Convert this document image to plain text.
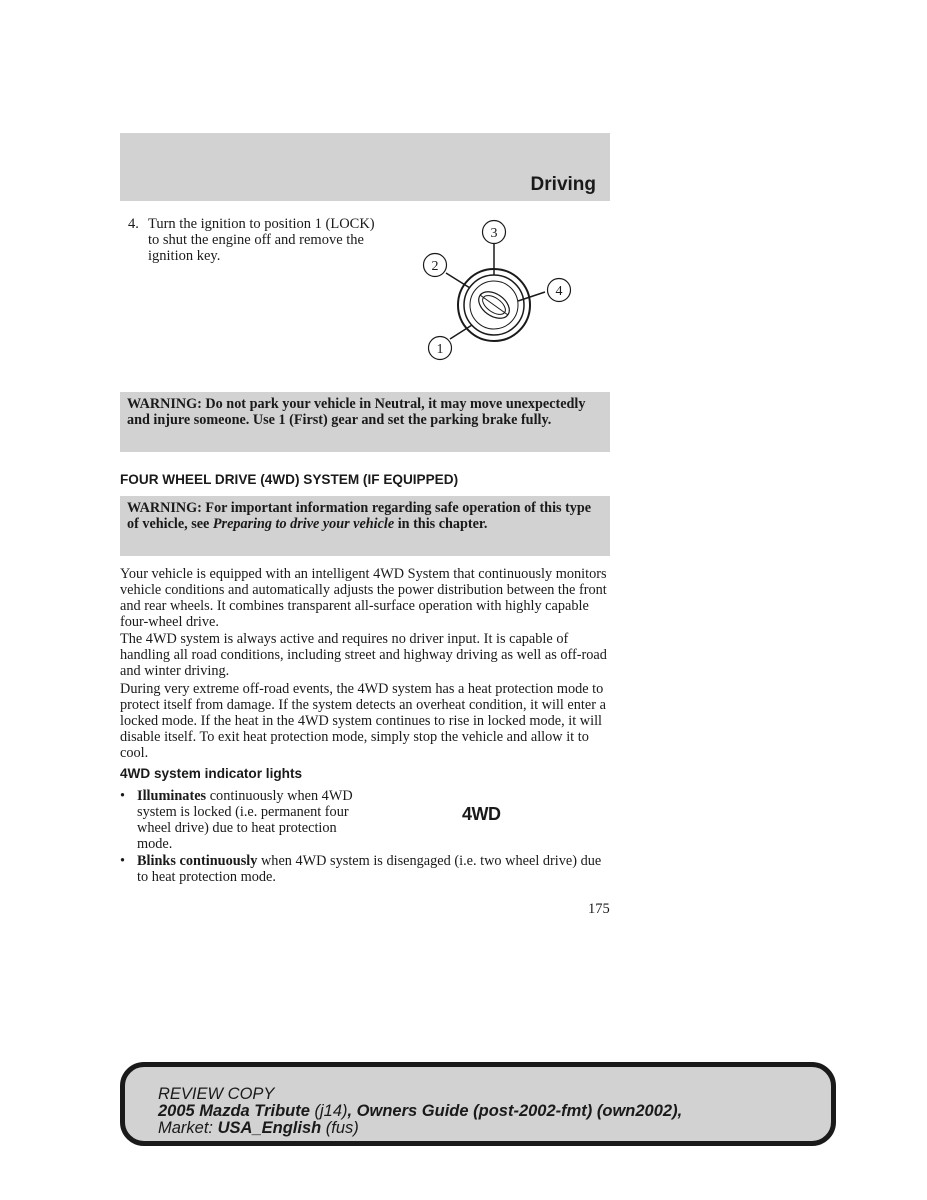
Driving
4. Turn the ignition to position 1 (LOCK) to shut the engine off and remove the ignition key.
3
2
4
1
WARNING: Do not park your vehicle in Neutral, it may move unexpectedly and injure someone. Use 1 (First) gear and set the parking brake fully.
FOUR WHEEL DRIVE (4WD) SYSTEM (IF EQUIPPED)
WARNING: For important information regarding safe operation of this type of vehicle, see Preparing to drive your vehicle in this chapter.

Your vehicle is equipped with an intelligent 4WD System that continuously monitors vehicle conditions and automatically adjusts the power distribution between the front and rear wheels. It combines transparent all-surface operation with highly capable four-wheel drive.

The 4WD system is always active and requires no driver input. It is capable of handling all road conditions, including street and highway driving as well as off-road and winter driving.

During very extreme off-road events, the 4WD system has a heat protection mode to protect itself from damage. If the system detects an overheat condition, it will enter a locked mode. If the heat in the 4WD system continues to rise in locked mode, it will disable itself. To exit heat protection mode, simply stop the vehicle and allow it to cool.

4WD system indicator lights
• Illuminates continuously when 4WD system is locked (i.e. permanent four wheel drive) due to heat protection mode.
4WD
• Blinks continuously when 4WD system is disengaged (i.e. two wheel drive) due to heat protection mode.
175
REVIEW COPY
2005 Mazda Tribute (j14), Owners Guide (post-2002-fmt) (own2002),
Market: USA_English (fus)
